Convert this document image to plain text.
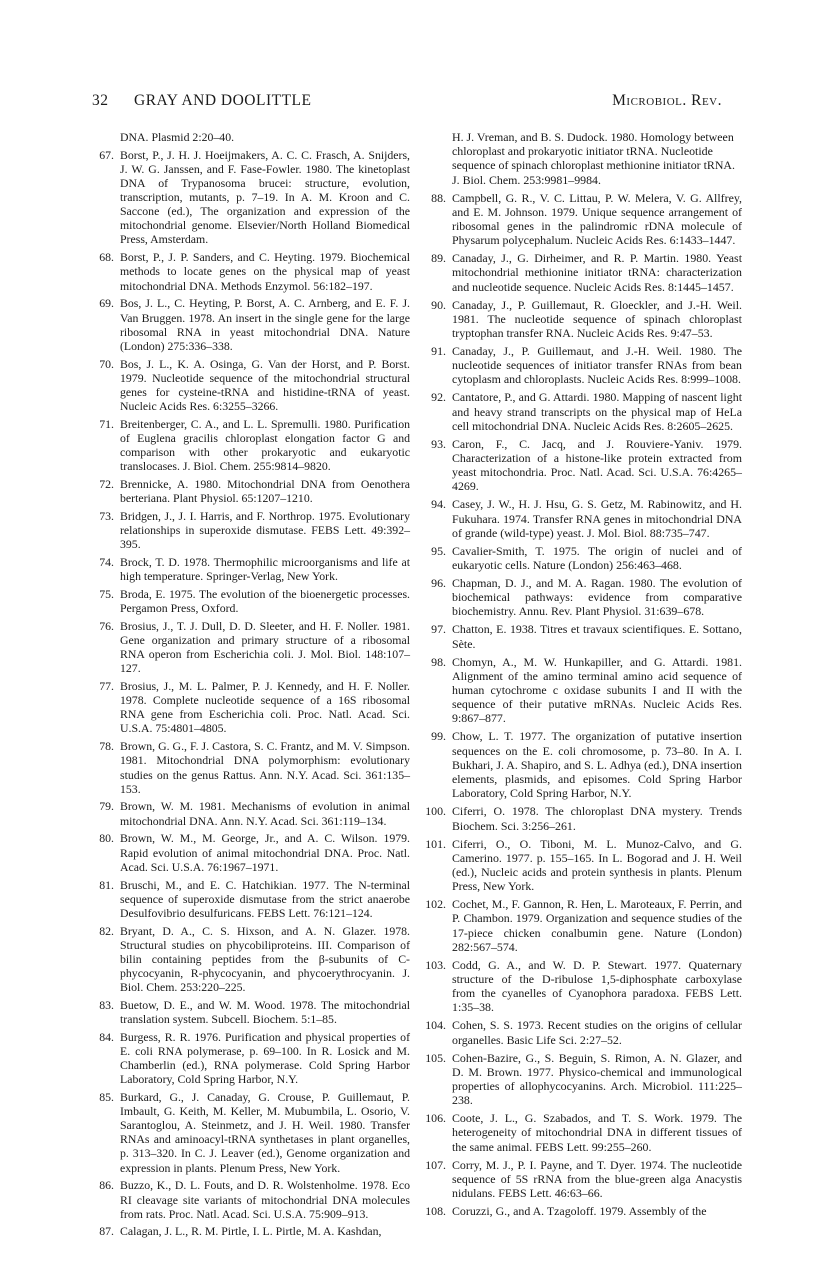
32 GRAY AND DOOLITTLE	Microbiol. Rev.
DNA. Plasmid 2:20–40.
67. Borst, P., J. H. J. Hoeijmakers, A. C. C. Frasch, A. Snijders, J. W. G. Janssen, and F. Fase-Fowler. 1980. The kinetoplast DNA of Trypanosoma brucei: structure, evolution, transcription, mutants, p. 7–19. In A. M. Kroon and C. Saccone (ed.), The organization and expression of the mitochondrial genome. Elsevier/North Holland Biomedical Press, Amsterdam.
68. Borst, P., J. P. Sanders, and C. Heyting. 1979. Biochemical methods to locate genes on the physical map of yeast mitochondrial DNA. Methods Enzymol. 56:182–197.
69. Bos, J. L., C. Heyting, P. Borst, A. C. Arnberg, and E. F. J. Van Bruggen. 1978. An insert in the single gene for the large ribosomal RNA in yeast mitochondrial DNA. Nature (London) 275:336–338.
70. Bos, J. L., K. A. Osinga, G. Van der Horst, and P. Borst. 1979. Nucleotide sequence of the mitochondrial structural genes for cysteine-tRNA and histidine-tRNA of yeast. Nucleic Acids Res. 6:3255–3266.
71. Breitenberger, C. A., and L. L. Spremulli. 1980. Purification of Euglena gracilis chloroplast elongation factor G and comparison with other prokaryotic and eukaryotic translocases. J. Biol. Chem. 255:9814–9820.
72. Brennicke, A. 1980. Mitochondrial DNA from Oenothera berteriana. Plant Physiol. 65:1207–1210.
73. Bridgen, J., J. I. Harris, and F. Northrop. 1975. Evolutionary relationships in superoxide dismutase. FEBS Lett. 49:392–395.
74. Brock, T. D. 1978. Thermophilic microorganisms and life at high temperature. Springer-Verlag, New York.
75. Broda, E. 1975. The evolution of the bioenergetic processes. Pergamon Press, Oxford.
76. Brosius, J., T. J. Dull, D. D. Sleeter, and H. F. Noller. 1981. Gene organization and primary structure of a ribosomal RNA operon from Escherichia coli. J. Mol. Biol. 148:107–127.
77. Brosius, J., M. L. Palmer, P. J. Kennedy, and H. F. Noller. 1978. Complete nucleotide sequence of a 16S ribosomal RNA gene from Escherichia coli. Proc. Natl. Acad. Sci. U.S.A. 75:4801–4805.
78. Brown, G. G., F. J. Castora, S. C. Frantz, and M. V. Simpson. 1981. Mitochondrial DNA polymorphism: evolutionary studies on the genus Rattus. Ann. N.Y. Acad. Sci. 361:135–153.
79. Brown, W. M. 1981. Mechanisms of evolution in animal mitochondrial DNA. Ann. N.Y. Acad. Sci. 361:119–134.
80. Brown, W. M., M. George, Jr., and A. C. Wilson. 1979. Rapid evolution of animal mitochondrial DNA. Proc. Natl. Acad. Sci. U.S.A. 76:1967–1971.
81. Bruschi, M., and E. C. Hatchikian. 1977. The N-terminal sequence of superoxide dismutase from the strict anaerobe Desulfovibrio desulfuricans. FEBS Lett. 76:121–124.
82. Bryant, D. A., C. S. Hixson, and A. N. Glazer. 1978. Structural studies on phycobiliproteins. III. Comparison of bilin containing peptides from the β-subunits of C-phycocyanin, R-phycocyanin, and phycoerythrocyanin. J. Biol. Chem. 253:220–225.
83. Buetow, D. E., and W. M. Wood. 1978. The mitochondrial translation system. Subcell. Biochem. 5:1–85.
84. Burgess, R. R. 1976. Purification and physical properties of E. coli RNA polymerase, p. 69–100. In R. Losick and M. Chamberlin (ed.), RNA polymerase. Cold Spring Harbor Laboratory, Cold Spring Harbor, N.Y.
85. Burkard, G., J. Canaday, G. Crouse, P. Guillemaut, P. Imbault, G. Keith, M. Keller, M. Mubumbila, L. Osorio, V. Sarantoglou, A. Steinmetz, and J. H. Weil. 1980. Transfer RNAs and aminoacyl-tRNA synthetases in plant organelles, p. 313–320. In C. J. Leaver (ed.), Genome organization and expression in plants. Plenum Press, New York.
86. Buzzo, K., D. L. Fouts, and D. R. Wolstenholme. 1978. Eco RI cleavage site variants of mitochondrial DNA molecules from rats. Proc. Natl. Acad. Sci. U.S.A. 75:909–913.
87. Calagan, J. L., R. M. Pirtle, I. L. Pirtle, M. A. Kashdan,
H. J. Vreman, and B. S. Dudock. 1980. Homology between chloroplast and prokaryotic initiator tRNA. Nucleotide sequence of spinach chloroplast methionine initiator tRNA. J. Biol. Chem. 253:9981–9984.
88. Campbell, G. R., V. C. Littau, P. W. Melera, V. G. Allfrey, and E. M. Johnson. 1979. Unique sequence arrangement of ribosomal genes in the palindromic rDNA molecule of Physarum polycephalum. Nucleic Acids Res. 6:1433–1447.
89. Canaday, J., G. Dirheimer, and R. P. Martin. 1980. Yeast mitochondrial methionine initiator tRNA: characterization and nucleotide sequence. Nucleic Acids Res. 8:1445–1457.
90. Canaday, J., P. Guillemaut, R. Gloeckler, and J.-H. Weil. 1981. The nucleotide sequence of spinach chloroplast tryptophan transfer RNA. Nucleic Acids Res. 9:47–53.
91. Canaday, J., P. Guillemaut, and J.-H. Weil. 1980. The nucleotide sequences of initiator transfer RNAs from bean cytoplasm and chloroplasts. Nucleic Acids Res. 8:999–1008.
92. Cantatore, P., and G. Attardi. 1980. Mapping of nascent light and heavy strand transcripts on the physical map of HeLa cell mitochondrial DNA. Nucleic Acids Res. 8:2605–2625.
93. Caron, F., C. Jacq, and J. Rouviere-Yaniv. 1979. Characterization of a histone-like protein extracted from yeast mitochondria. Proc. Natl. Acad. Sci. U.S.A. 76:4265–4269.
94. Casey, J. W., H. J. Hsu, G. S. Getz, M. Rabinowitz, and H. Fukuhara. 1974. Transfer RNA genes in mitochondrial DNA of grande (wild-type) yeast. J. Mol. Biol. 88:735–747.
95. Cavalier-Smith, T. 1975. The origin of nuclei and of eukaryotic cells. Nature (London) 256:463–468.
96. Chapman, D. J., and M. A. Ragan. 1980. The evolution of biochemical pathways: evidence from comparative biochemistry. Annu. Rev. Plant Physiol. 31:639–678.
97. Chatton, E. 1938. Titres et travaux scientifiques. E. Sottano, Sète.
98. Chomyn, A., M. W. Hunkapiller, and G. Attardi. 1981. Alignment of the amino terminal amino acid sequence of human cytochrome c oxidase subunits I and II with the sequence of their putative mRNAs. Nucleic Acids Res. 9:867–877.
99. Chow, L. T. 1977. The organization of putative insertion sequences on the E. coli chromosome, p. 73–80. In A. I. Bukhari, J. A. Shapiro, and S. L. Adhya (ed.), DNA insertion elements, plasmids, and episomes. Cold Spring Harbor Laboratory, Cold Spring Harbor, N.Y.
100. Ciferri, O. 1978. The chloroplast DNA mystery. Trends Biochem. Sci. 3:256–261.
101. Ciferri, O., O. Tiboni, M. L. Munoz-Calvo, and G. Camerino. 1977. p. 155–165. In L. Bogorad and J. H. Weil (ed.), Nucleic acids and protein synthesis in plants. Plenum Press, New York.
102. Cochet, M., F. Gannon, R. Hen, L. Maroteaux, F. Perrin, and P. Chambon. 1979. Organization and sequence studies of the 17-piece chicken conalbumin gene. Nature (London) 282:567–574.
103. Codd, G. A., and W. D. P. Stewart. 1977. Quaternary structure of the D-ribulose 1,5-diphosphate carboxylase from the cyanelles of Cyanophora paradoxa. FEBS Lett. 1:35–38.
104. Cohen, S. S. 1973. Recent studies on the origins of cellular organelles. Basic Life Sci. 2:27–52.
105. Cohen-Bazire, G., S. Beguin, S. Rimon, A. N. Glazer, and D. M. Brown. 1977. Physico-chemical and immunological properties of allophycocyanins. Arch. Microbiol. 111:225–238.
106. Coote, J. L., G. Szabados, and T. S. Work. 1979. The heterogeneity of mitochondrial DNA in different tissues of the same animal. FEBS Lett. 99:255–260.
107. Corry, M. J., P. I. Payne, and T. Dyer. 1974. The nucleotide sequence of 5S rRNA from the blue-green alga Anacystis nidulans. FEBS Lett. 46:63–66.
108. Coruzzi, G., and A. Tzagoloff. 1979. Assembly of the
